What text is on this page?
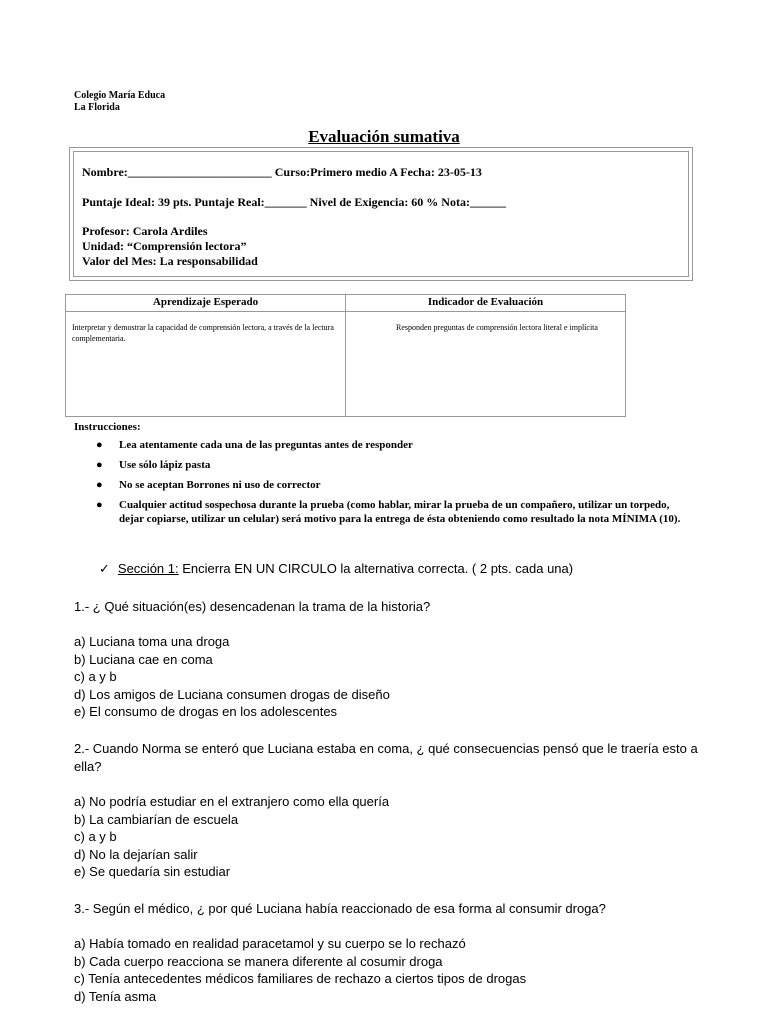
Colegio María Educa
La Florida
Evaluación sumativa
Nombre:________________________ Curso:Primero medio A Fecha: 23-05-13
Puntaje Ideal: 39 pts. Puntaje Real:_______ Nivel de Exigencia: 60 % Nota:______
Profesor: Carola Ardiles
Unidad: “Comprensión lectora”
Valor del Mes: La responsabilidad
Aprendizaje Esperado	Indicador de Evaluación
Interpretar y demostrar la capacidad de comprensión lectora, a través de la lectura complementaria.	Responden preguntas de comprensión lectora literal e implícita
Instrucciones:
● Lea atentamente cada una de las preguntas antes de responder
● Use sólo lápiz pasta
● No se aceptan Borrones ni uso de corrector
● Cualquier actitud sospechosa durante la prueba (como hablar, mirar la prueba de un compañero, utilizar un torpedo, dejar copiarse, utilizar un celular) será motivo para la entrega de ésta obteniendo como resultado la nota MÍNIMA (10).
✓ Sección 1: Encierra EN UN CIRCULO la alternativa correcta. ( 2 pts. cada una)
1.- ¿ Qué situación(es) desencadenan la trama de la historia?
a) Luciana toma una droga
b) Luciana cae en coma
c) a y b
d) Los amigos de Luciana consumen drogas de diseño
e) El consumo de drogas en los adolescentes
2.- Cuando Norma se enteró que Luciana estaba en coma, ¿ qué consecuencias pensó que le traería esto a ella?
a) No podría estudiar en el extranjero como ella quería
b) La cambiarían de escuela
c) a y b
d) No la dejarían salir
e) Se quedaría sin estudiar
3.- Según el médico, ¿ por qué Luciana había reaccionado de esa forma al consumir droga?
a) Había tomado en realidad paracetamol y su cuerpo se lo rechazó
b) Cada cuerpo reacciona se manera diferente al cosumir droga
c) Tenía antecedentes médicos familiares de rechazo a ciertos tipos de drogas
d) Tenía asma
